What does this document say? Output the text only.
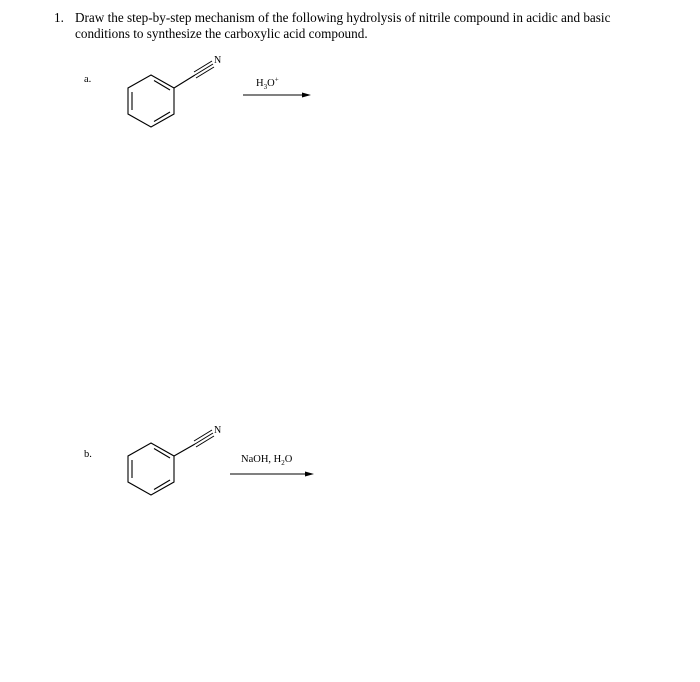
1. Draw the step-by-step mechanism of the following hydrolysis of nitrile compound in acidic and basic conditions to synthesize the carboxylic acid compound.
a.
N
$H_3O^+$
b.
N
NaOH, $H_2O$
